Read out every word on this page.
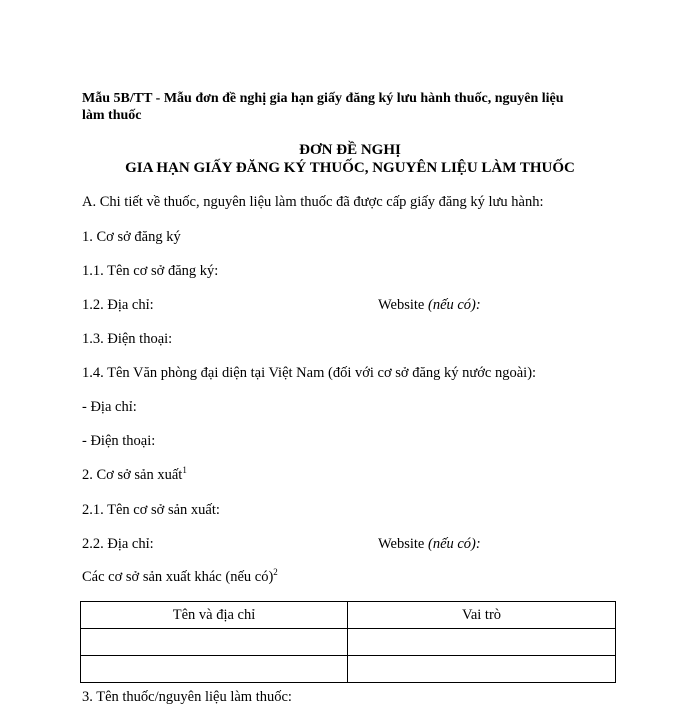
Mẫu 5B/TT - Mẫu đơn đề nghị gia hạn giấy đăng ký lưu hành thuốc, nguyên liệu
làm thuốc
ĐƠN ĐỀ NGHỊ
GIA HẠN GIẤY ĐĂNG KÝ THUỐC, NGUYÊN LIỆU LÀM THUỐC
A. Chi tiết về thuốc, nguyên liệu làm thuốc đã được cấp giấy đăng ký lưu hành:
1. Cơ sở đăng ký
1.1. Tên cơ sở đăng ký:
1.2. Địa chỉ:	Website (nếu có):
1.3. Điện thoại:
1.4. Tên Văn phòng đại diện tại Việt Nam (đối với cơ sở đăng ký nước ngoài):
- Địa chỉ:
- Điện thoại:
2. Cơ sở sản xuất$^1$
2.1. Tên cơ sở sản xuất:
2.2. Địa chỉ:	Website (nếu có):
Các cơ sở sản xuất khác (nếu có)$^2$
Tên và địa chỉ	Vai trò

3. Tên thuốc/nguyên liệu làm thuốc:
